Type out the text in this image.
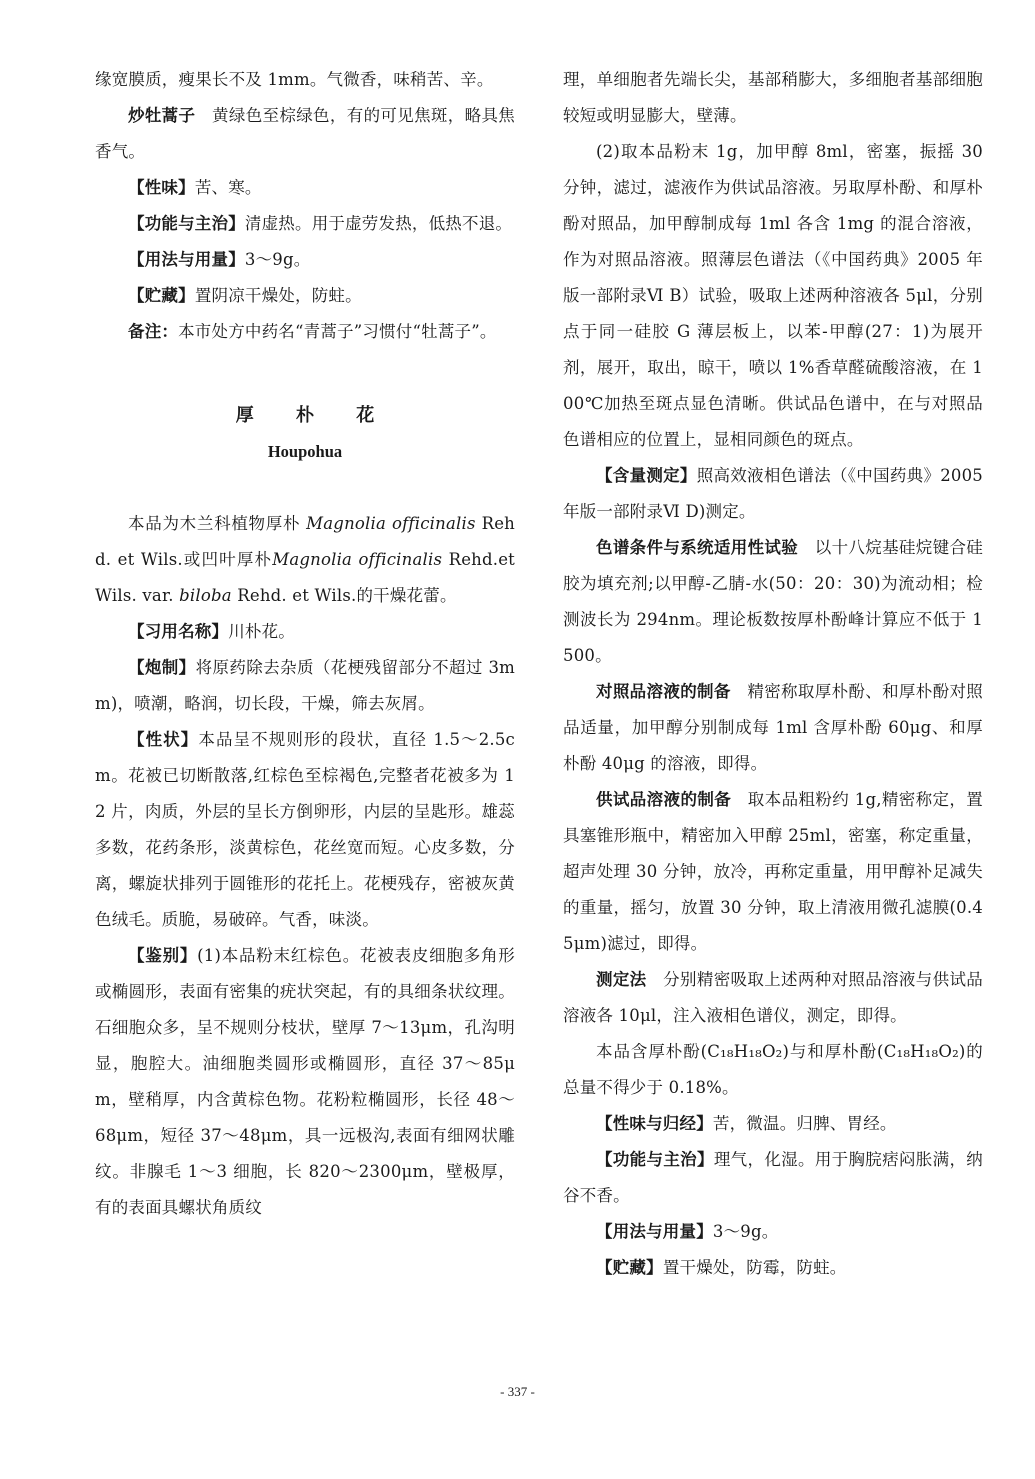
缘宽膜质，瘦果长不及 1mm。气微香，味稍苦、辛。

炒牡蒿子 黄绿色至棕绿色，有的可见焦斑，略具焦香气。

【性味】苦、寒。

【功能与主治】清虚热。用于虚劳发热，低热不退。

【用法与用量】3～9g。

【贮藏】置阴凉干燥处，防蛀。

备注：本市处方中药名“青蒿子”习惯付“牡蒿子”。

厚 朴 花
Houpohua

本品为木兰科植物厚朴 Magnolia officinalis Rehd. et Wils.或凹叶厚朴Magnolia officinalis Rehd.et Wils. var. biloba Rehd. et Wils.的干燥花蕾。

【习用名称】川朴花。

【炮制】将原药除去杂质（花梗残留部分不超过 3mm)，喷潮，略润，切长段，干燥，筛去灰屑。

【性状】本品呈不规则形的段状，直径 1.5～2.5cm。花被已切断散落,红棕色至棕褐色,完整者花被多为 12 片，肉质，外层的呈长方倒卵形，内层的呈匙形。雄蕊多数，花药条形，淡黄棕色，花丝宽而短。心皮多数，分离，螺旋状排列于圆锥形的花托上。花梗残存，密被灰黄色绒毛。质脆，易破碎。气香，味淡。

【鉴别】(1)本品粉末红棕色。花被表皮细胞多角形或椭圆形，表面有密集的疣状突起，有的具细条状纹理。石细胞众多，呈不规则分枝状，壁厚 7～13μm，孔沟明显，胞腔大。油细胞类圆形或椭圆形，直径 37～85μm，壁稍厚，内含黄棕色物。花粉粒椭圆形，长径 48～68μm，短径 37～48μm，具一远极沟,表面有细网状雕纹。非腺毛 1～3 细胞，长 820～2300μm，壁极厚，有的表面具螺状角质纹

理，单细胞者先端长尖，基部稍膨大，多细胞者基部细胞较短或明显膨大，壁薄。

(2)取本品粉末 1g，加甲醇 8ml，密塞，振摇 30 分钟，滤过，滤液作为供试品溶液。另取厚朴酚、和厚朴酚对照品，加甲醇制成每 1ml 各含 1mg 的混合溶液，作为对照品溶液。照薄层色谱法（《中国药典》2005 年版一部附录Ⅵ B）试验，吸取上述两种溶液各 5μl，分别点于同一硅胶 G 薄层板上，以苯-甲醇(27：1)为展开剂，展开，取出，晾干，喷以 1%香草醛硫酸溶液，在 100℃加热至斑点显色清晰。供试品色谱中，在与对照品色谱相应的位置上，显相同颜色的斑点。

【含量测定】照高效液相色谱法（《中国药典》2005 年版一部附录Ⅵ D)测定。

色谱条件与系统适用性试验 以十八烷基硅烷键合硅胶为填充剂;以甲醇-乙腈-水(50：20：30)为流动相；检测波长为 294nm。理论板数按厚朴酚峰计算应不低于 1500。

对照品溶液的制备 精密称取厚朴酚、和厚朴酚对照品适量，加甲醇分别制成每 1ml 含厚朴酚 60μg、和厚朴酚 40μg 的溶液，即得。

供试品溶液的制备 取本品粗粉约 1g,精密称定，置具塞锥形瓶中，精密加入甲醇 25ml，密塞，称定重量，超声处理 30 分钟，放冷，再称定重量，用甲醇补足减失的重量，摇匀，放置 30 分钟，取上清液用微孔滤膜(0.45μm)滤过，即得。

测定法 分别精密吸取上述两种对照品溶液与供试品溶液各 10μl，注入液相色谱仪，测定，即得。

本品含厚朴酚(C₁₈H₁₈O₂)与和厚朴酚(C₁₈H₁₈O₂)的总量不得少于 0.18%。

【性味与归经】苦，微温。归脾、胃经。

【功能与主治】理气，化湿。用于胸脘痞闷胀满，纳谷不香。

【用法与用量】3～9g。

【贮藏】置干燥处，防霉，防蛀。

- 337 -
